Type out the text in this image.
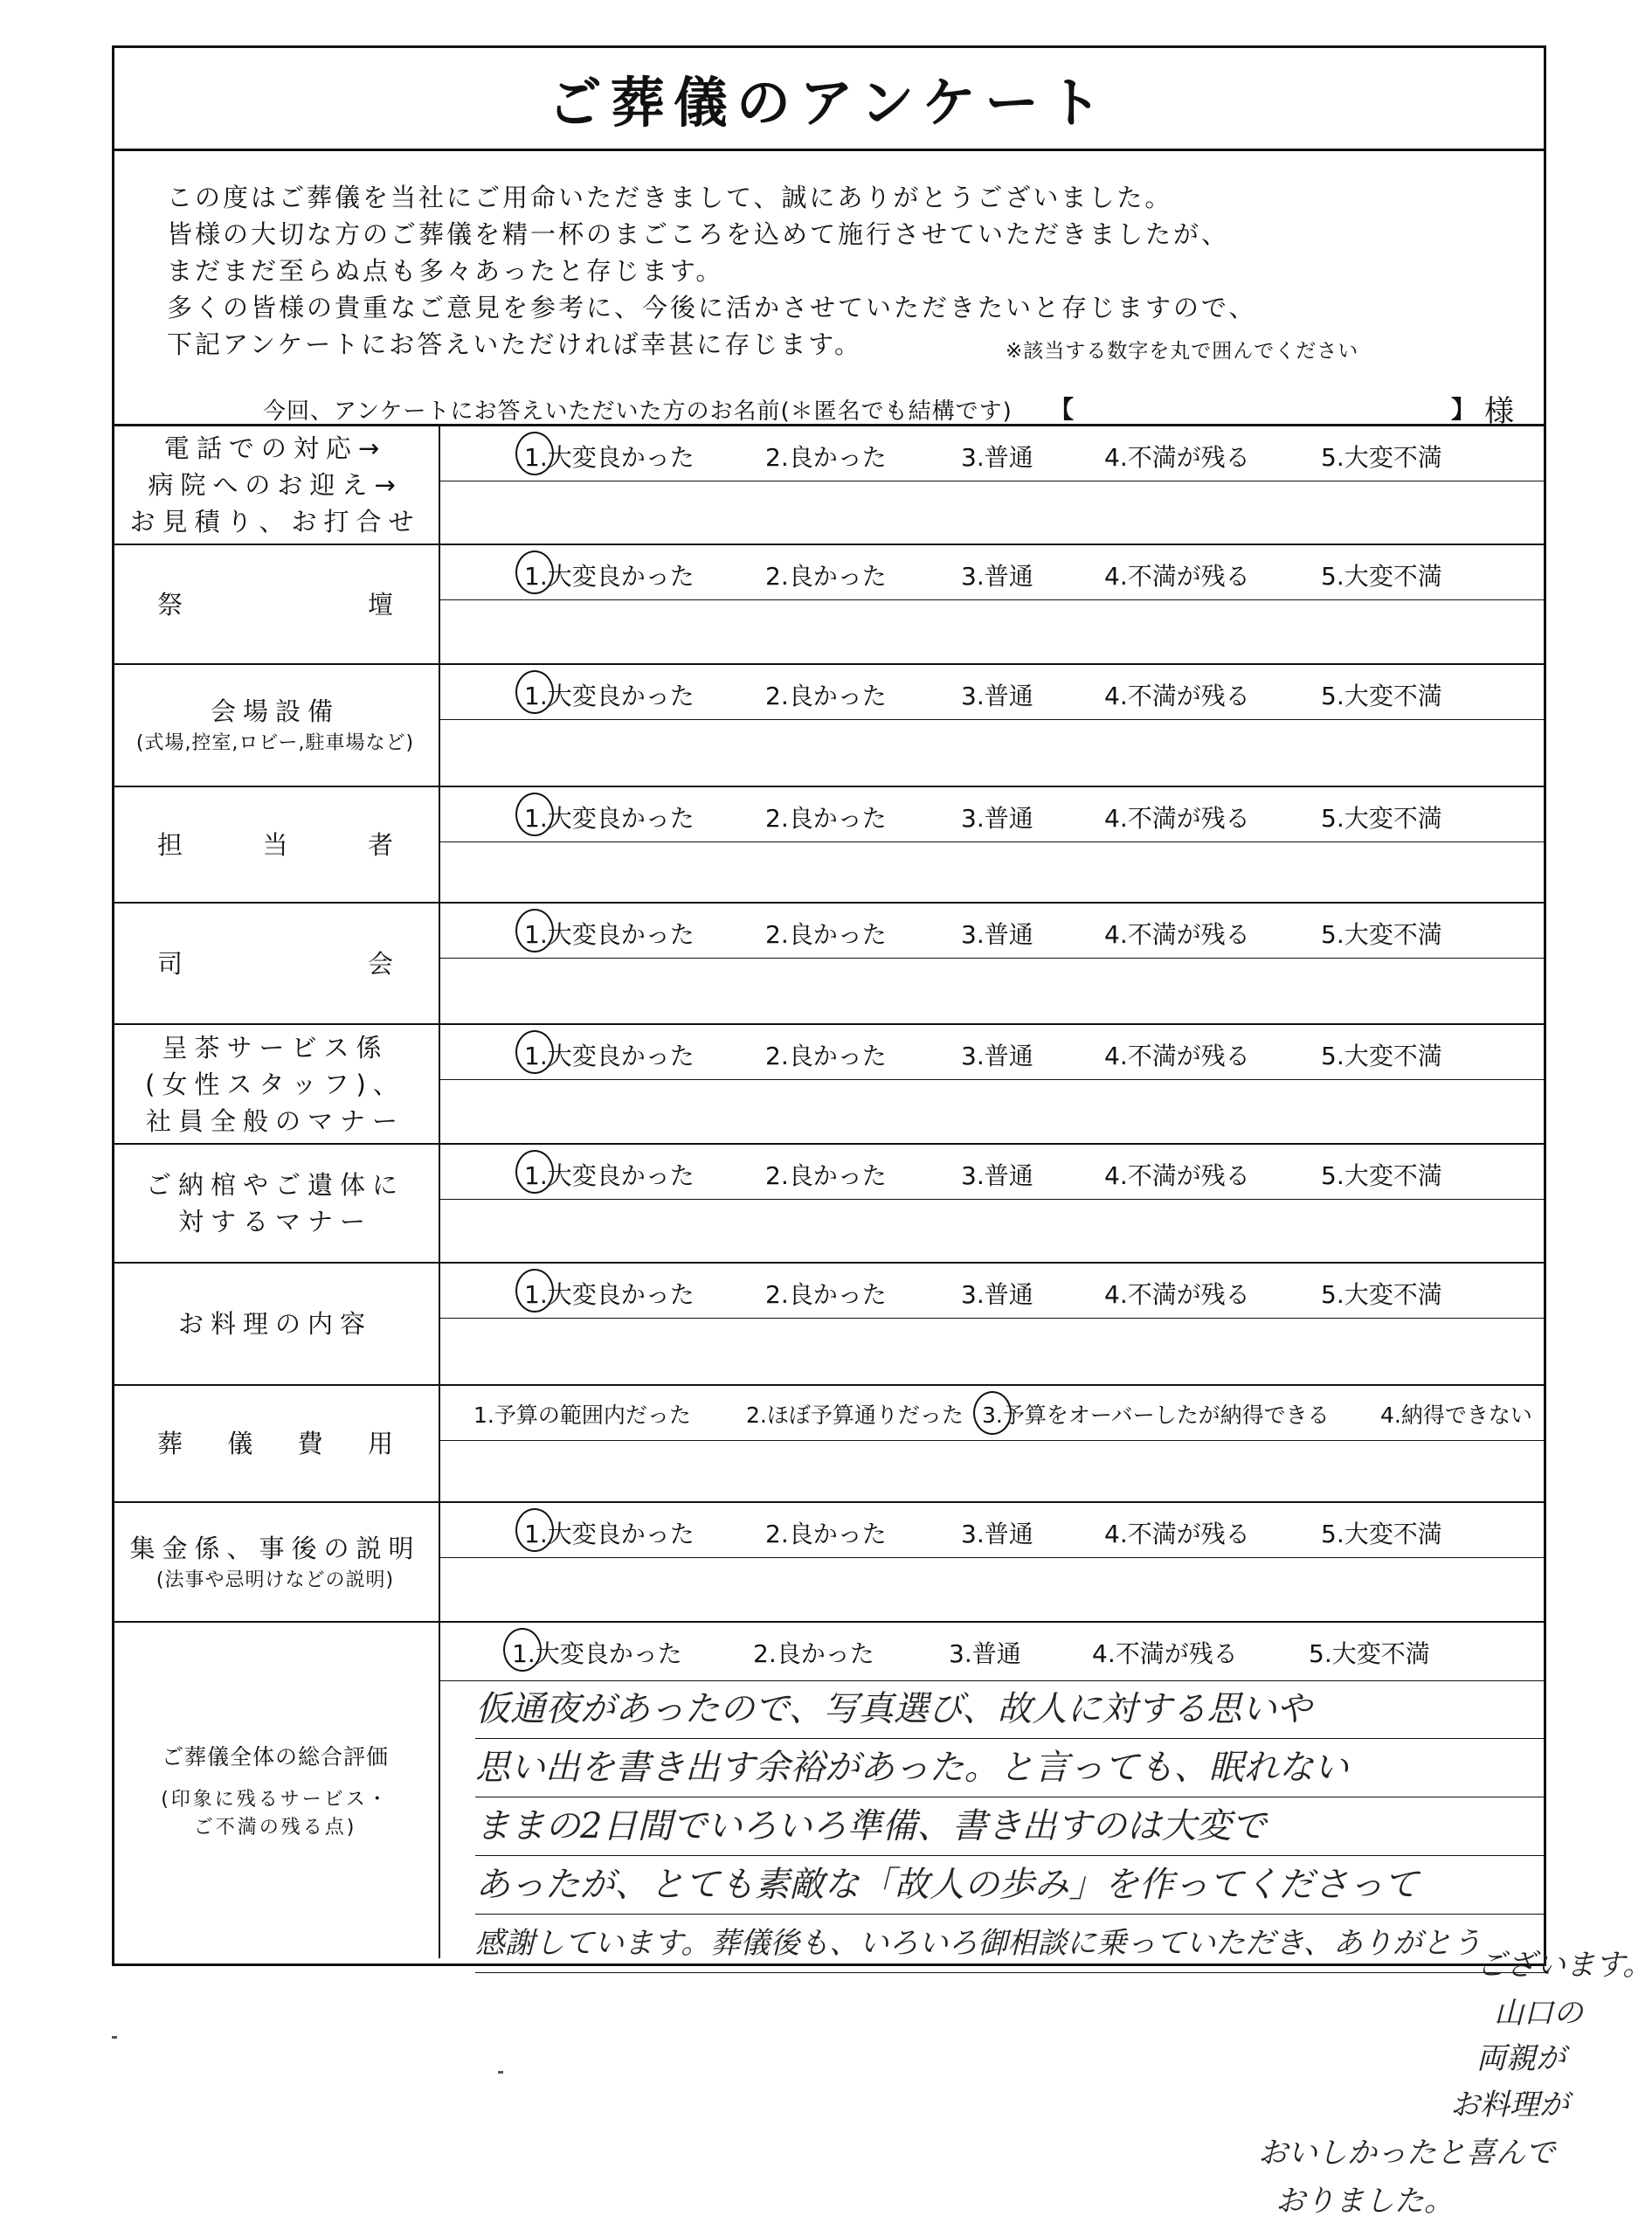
ご葬儀のアンケート

この度はご葬儀を当社にご用命いただきまして、誠にありがとうございました。

皆様の大切な方のご葬儀を精一杯のまごころを込めて施行させていただきましたが、

まだまだ至らぬ点も多々あったと存じます。

多くの皆様の貴重なご意見を参考に、今後に活かさせていただきたいと存じますので、

下記アンケートにお答えいただければ幸甚に存じます。	※該当する数字を丸で囲んでください
今回、アンケートにお答えいただいた方のお名前(＊匿名でも結構です) 【	】 様
電話での対応→
病院へのお迎え→
お見積り、お打合せ
1.大変良かった	2.良かった	3.普通	4.不満が残る	5.大変不満
祭	壇
1.大変良かった	2.良かった	3.普通	4.不満が残る	5.大変不満
会場設備
(式場,控室,ロビー,駐車場など)
1.大変良かった	2.良かった	3.普通	4.不満が残る	5.大変不満
担	当	者
1.大変良かった	2.良かった	3.普通	4.不満が残る	5.大変不満
司	会
1.大変良かった	2.良かった	3.普通	4.不満が残る	5.大変不満
呈茶サービス係
(女性スタッフ)、
社員全般のマナー
1.大変良かった	2.良かった	3.普通	4.不満が残る	5.大変不満
ご納棺やご遺体に
対するマナー
1.大変良かった	2.良かった	3.普通	4.不満が残る	5.大変不満
お料理の内容
1.大変良かった	2.良かった	3.普通	4.不満が残る	5.大変不満
葬 儀 費 用
1.予算の範囲内だった	2.ほぼ予算通りだった 3.予算をオーバーしたが納得できる 4.納得できない
集金係、事後の説明
(法事や忌明けなどの説明)
1.大変良かった	2.良かった	3.普通	4.不満が残る	5.大変不満
ご葬儀全体の総合評価
(印象に残るサービス・
ご不満の残る点)
1.大変良かった	2.良かった	3.普通	4.不満が残る	5.大変不満
仮通夜があったので、写真選び、故人に対する思いや
思い出を書き出す余裕があった。と言っても、眠れない
ままの2日間でいろいろ準備、書き出すのは大変で
あったが、とても素敵な「故人の歩み」を作ってくださって
感謝しています。葬儀後も、いろいろ御相談に乗っていただき、ありがとう
ございます。
山口の
両親が
お料理が
おいしかったと喜んで
おりました。
